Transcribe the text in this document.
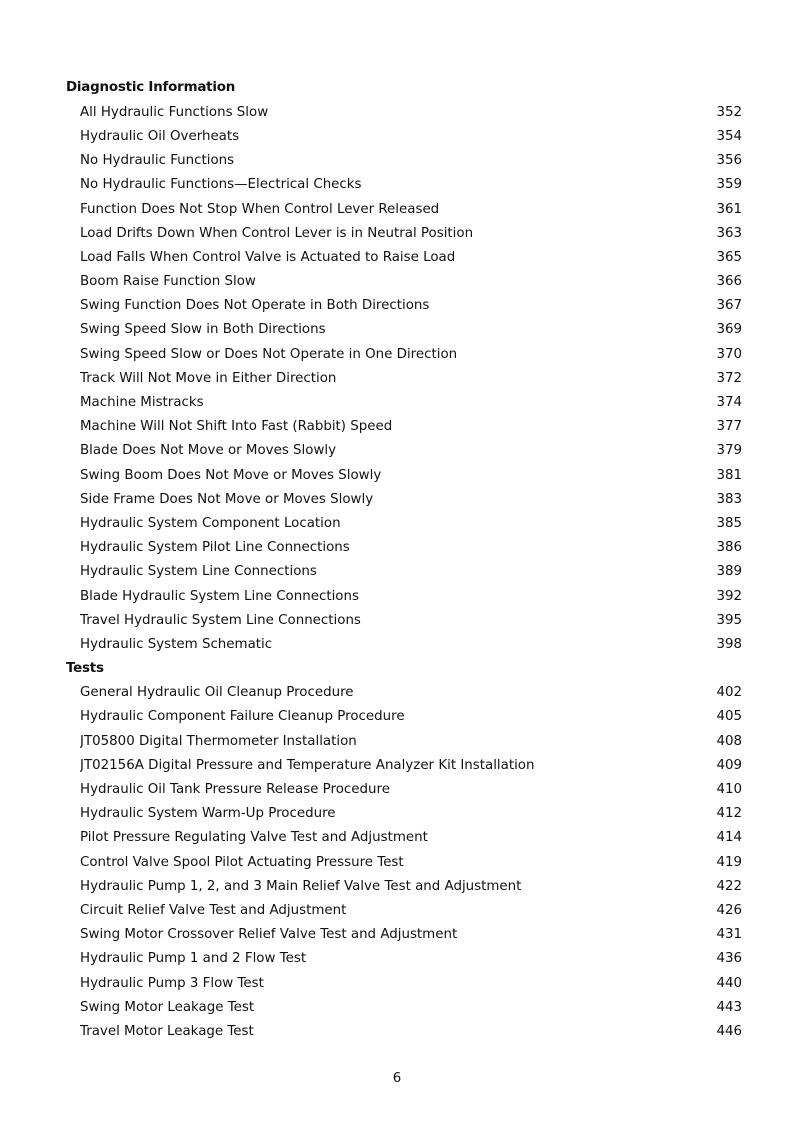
Diagnostic Information
All Hydraulic Functions Slow	352
Hydraulic Oil Overheats	354
No Hydraulic Functions	356
No Hydraulic Functions—Electrical Checks	359
Function Does Not Stop When Control Lever Released	361
Load Drifts Down When Control Lever is in Neutral Position	363
Load Falls When Control Valve is Actuated to Raise Load	365
Boom Raise Function Slow	366
Swing Function Does Not Operate in Both Directions	367
Swing Speed Slow in Both Directions	369
Swing Speed Slow or Does Not Operate in One Direction	370
Track Will Not Move in Either Direction	372
Machine Mistracks	374
Machine Will Not Shift Into Fast (Rabbit) Speed	377
Blade Does Not Move or Moves Slowly	379
Swing Boom Does Not Move or Moves Slowly	381
Side Frame Does Not Move or Moves Slowly	383
Hydraulic System Component Location	385
Hydraulic System Pilot Line Connections	386
Hydraulic System Line Connections	389
Blade Hydraulic System Line Connections	392
Travel Hydraulic System Line Connections	395
Hydraulic System Schematic	398
Tests
General Hydraulic Oil Cleanup Procedure	402
Hydraulic Component Failure Cleanup Procedure	405
JT05800 Digital Thermometer Installation	408
JT02156A Digital Pressure and Temperature Analyzer Kit Installation	409
Hydraulic Oil Tank Pressure Release Procedure	410
Hydraulic System Warm-Up Procedure	412
Pilot Pressure Regulating Valve Test and Adjustment	414
Control Valve Spool Pilot Actuating Pressure Test	419
Hydraulic Pump 1, 2, and 3 Main Relief Valve Test and Adjustment	422
Circuit Relief Valve Test and Adjustment	426
Swing Motor Crossover Relief Valve Test and Adjustment	431
Hydraulic Pump 1 and 2 Flow Test	436
Hydraulic Pump 3 Flow Test	440
Swing Motor Leakage Test	443
Travel Motor Leakage Test	446
6
